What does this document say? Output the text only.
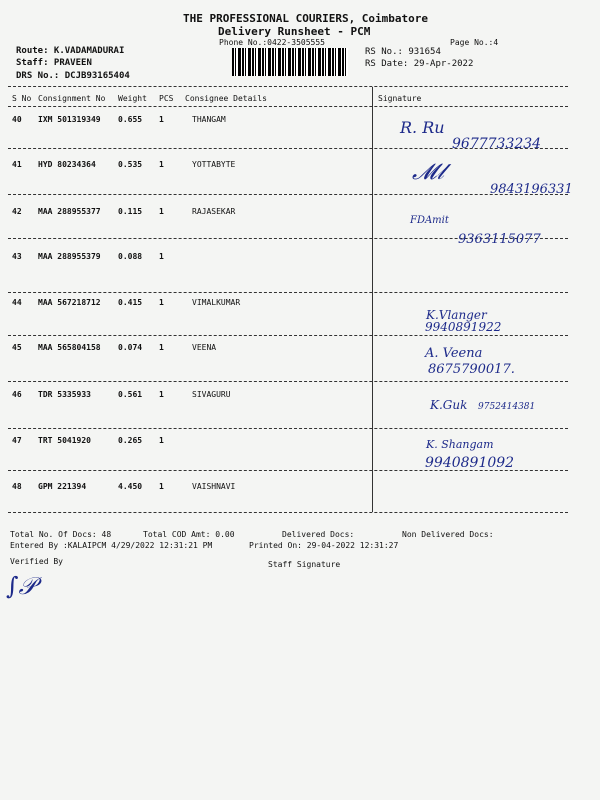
THE PROFESSIONAL COURIERS, Coimbatore
Delivery Runsheet - PCM
Phone No.:0422-3505555	Page No.:4
Route: K.VADAMADURAI
Staff: PRAVEEN
DRS No.: DCJB93165404
RS No.: 931654
RS Date: 29-Apr-2022
S No Consignment No Weight PCS Consignee Details	Signature
40 IXM 501319349 0.655 1	THANGAM
41 HYD 80234364	0.535 1	YOTTABYTE
42 MAA 288955377 0.115 1	RAJASEKAR
43 MAA 288955379 0.088 1
44 MAA 567218712 0.415 1	VIMALKUMAR
45 MAA 565804158 0.074 1	VEENA
46 TDR 5335933	0.561 1	SIVAGURU
47 TRT 5041920	0.265 1
48 GPM 221394	4.450 1	VAISHNAVI
R. Ru
9677733234
𝓜𝓁
9843196331
FDAmit
9363115077
K.Vlanger
9940891922
A. Veena
8675790017.
K.Guk 9752414381
K. Shangam
9940891092
Total No. Of Docs: 48	Total COD Amt: 0.00	Delivered Docs:	Non Delivered Docs:
Entered By :KALAIPCM 4/29/2022 12:31:21 PM	Printed On: 29-04-2022 12:31:27
Verified By	Staff Signature
∫𝒫
